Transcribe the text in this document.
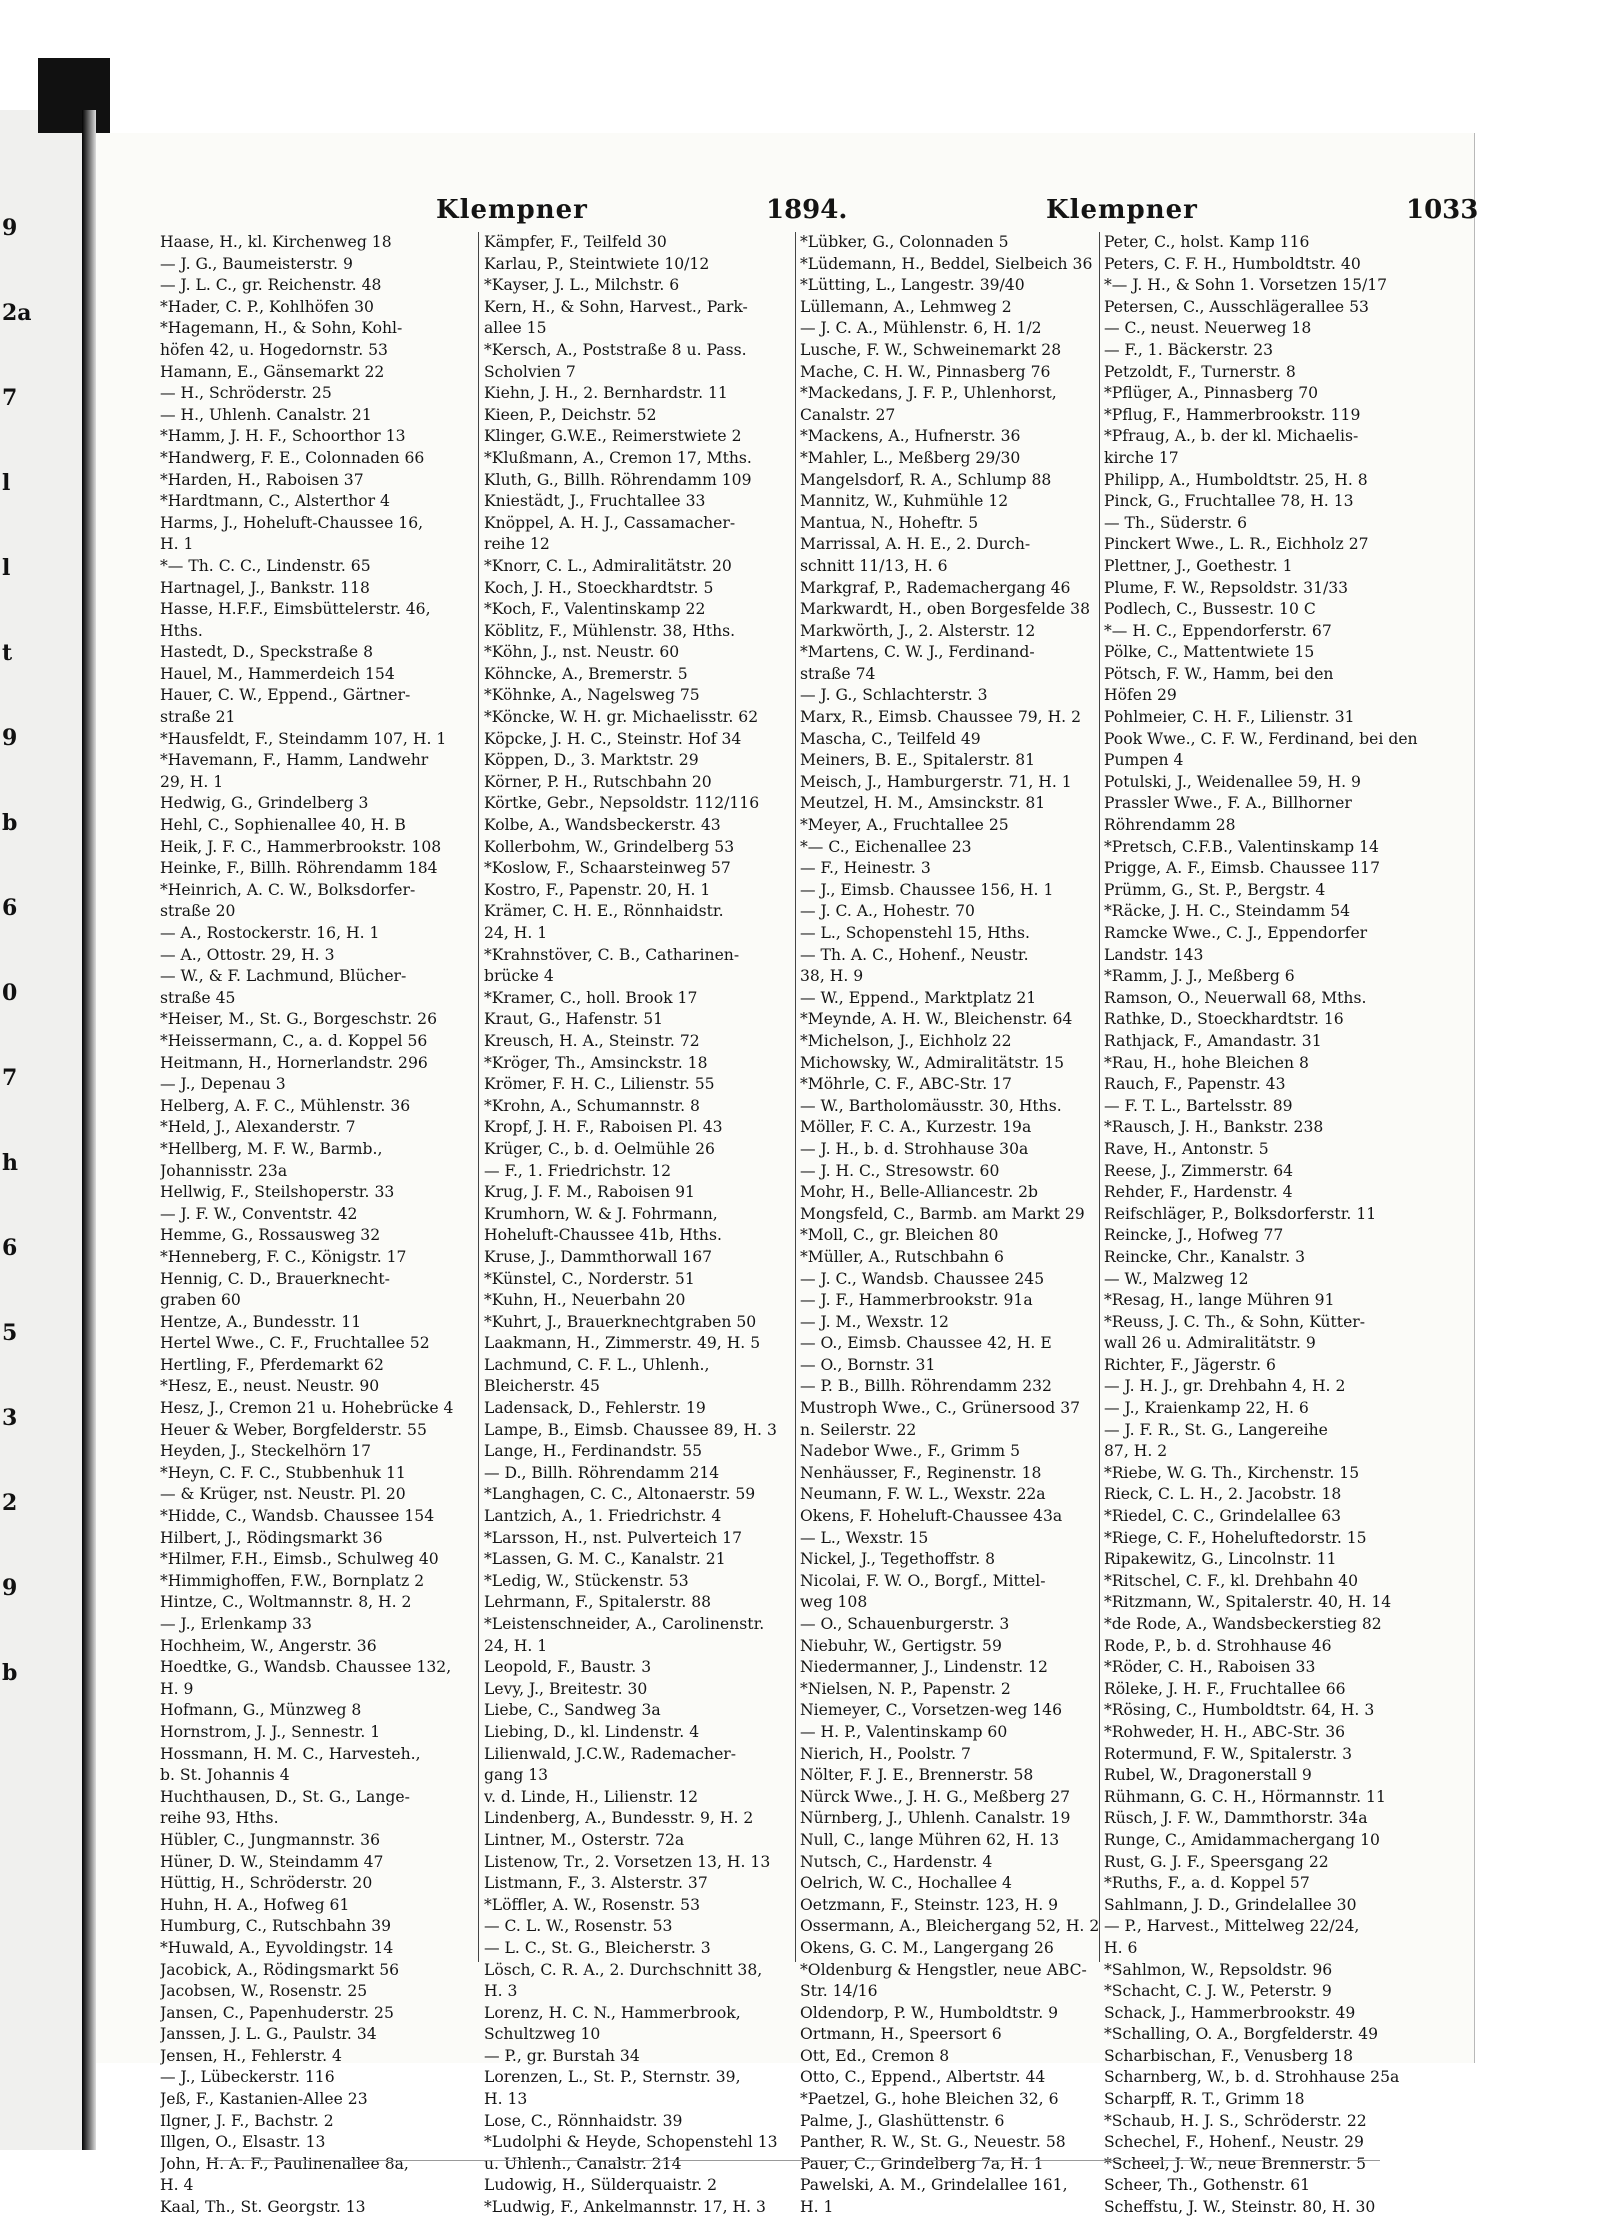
9
2a
7
l
l
t
9
b
6
0
7
h
6
5
3
2
9
b
Klempner	1894.	Klempner	1033
Haase, H., kl. Kirchenweg 18
— J. G., Baumeisterstr. 9
— J. L. C., gr. Reichenstr. 48
*Hader, C. P., Kohlhöfen 30
*Hagemann, H., & Sohn, Kohl-
höfen 42, u. Hogedornstr. 53
Hamann, E., Gänsemarkt 22
— H., Schröderstr. 25
— H., Uhlenh. Canalstr. 21
*Hamm, J. H. F., Schoorthor 13
*Handwerg, F. E., Colonnaden 66
*Harden, H., Raboisen 37
*Hardtmann, C., Alsterthor 4
Harms, J., Hoheluft-Chaussee 16,
H. 1
*— Th. C. C., Lindenstr. 65
Hartnagel, J., Bankstr. 118
Hasse, H.F.F., Eimsbüttelerstr. 46,
Hths.
Hastedt, D., Speckstraße 8
Hauel, M., Hammerdeich 154
Hauer, C. W., Eppend., Gärtner-
straße 21
*Hausfeldt, F., Steindamm 107, H. 1
*Havemann, F., Hamm, Landwehr
29, H. 1
Hedwig, G., Grindelberg 3
Hehl, C., Sophienallee 40, H. B
Heik, J. F. C., Hammerbrookstr. 108
Heinke, F., Billh. Röhrendamm 184
*Heinrich, A. C. W., Bolksdorfer-
straße 20
— A., Rostockerstr. 16, H. 1
— A., Ottostr. 29, H. 3
— W., & F. Lachmund, Blücher-
straße 45
*Heiser, M., St. G., Borgeschstr. 26
*Heissermann, C., a. d. Koppel 56
Heitmann, H., Hornerlandstr. 296
— J., Depenau 3
Helberg, A. F. C., Mühlenstr. 36
*Held, J., Alexanderstr. 7
*Hellberg, M. F. W., Barmb.,
Johannisstr. 23a
Hellwig, F., Steilshoperstr. 33
— J. F. W., Conventstr. 42
Hemme, G., Rossausweg 32
*Henneberg, F. C., Königstr. 17
Hennig, C. D., Brauerknecht-
graben 60
Hentze, A., Bundesstr. 11
Hertel Wwe., C. F., Fruchtallee 52
Hertling, F., Pferdemarkt 62
*Hesz, E., neust. Neustr. 90
Hesz, J., Cremon 21 u. Hohebrücke 4
Heuer & Weber, Borgfelderstr. 55
Heyden, J., Steckelhörn 17
*Heyn, C. F. C., Stubbenhuk 11
— & Krüger, nst. Neustr. Pl. 20
*Hidde, C., Wandsb. Chaussee 154
Hilbert, J., Rödingsmarkt 36
*Hilmer, F.H., Eimsb., Schulweg 40
*Himmighoffen, F.W., Bornplatz 2
Hintze, C., Woltmannstr. 8, H. 2
— J., Erlenkamp 33
Hochheim, W., Angerstr. 36
Hoedtke, G., Wandsb. Chaussee 132,
H. 9
Hofmann, G., Münzweg 8
Hornstrom, J. J., Sennestr. 1
Hossmann, H. M. C., Harvesteh.,
b. St. Johannis 4
Huchthausen, D., St. G., Lange-
reihe 93, Hths.
Hübler, C., Jungmannstr. 36
Hüner, D. W., Steindamm 47
Hüttig, H., Schröderstr. 20
Huhn, H. A., Hofweg 61
Humburg, C., Rutschbahn 39
*Huwald, A., Eyvoldingstr. 14
Jacobick, A., Rödingsmarkt 56
Jacobsen, W., Rosenstr. 25
Jansen, C., Papenhuderstr. 25
Janssen, J. L. G., Paulstr. 34
Jensen, H., Fehlerstr. 4
— J., Lübeckerstr. 116
Jeß, F., Kastanien-Allee 23
Ilgner, J. F., Bachstr. 2
Illgen, O., Elsastr. 13
John, H. A. F., Paulinenallee 8a,
H. 4
Kaal, Th., St. Georgstr. 13
Kämpfer, F., Teilfeld 30
Karlau, P., Steintwiete 10/12
*Kayser, J. L., Milchstr. 6
Kern, H., & Sohn, Harvest., Park-
allee 15
*Kersch, A., Poststraße 8 u. Pass.
Scholvien 7
Kiehn, J. H., 2. Bernhardstr. 11
Kieen, P., Deichstr. 52
Klinger, G.W.E., Reimerstwiete 2
*Klußmann, A., Cremon 17, Mths.
Kluth, G., Billh. Röhrendamm 109
Kniestädt, J., Fruchtallee 33
Knöppel, A. H. J., Cassamacher-
reihe 12
*Knorr, C. L., Admiralitätstr. 20
Koch, J. H., Stoeckhardtstr. 5
*Koch, F., Valentinskamp 22
Köblitz, F., Mühlenstr. 38, Hths.
*Köhn, J., nst. Neustr. 60
Köhncke, A., Bremerstr. 5
*Köhnke, A., Nagelsweg 75
*Köncke, W. H. gr. Michaelisstr. 62
Köpcke, J. H. C., Steinstr. Hof 34
Köppen, D., 3. Marktstr. 29
Körner, P. H., Rutschbahn 20
Körtke, Gebr., Nepsoldstr. 112/116
Kolbe, A., Wandsbeckerstr. 43
Kollerbohm, W., Grindelberg 53
*Koslow, F., Schaarsteinweg 57
Kostro, F., Papenstr. 20, H. 1
Krämer, C. H. E., Rönnhaidstr.
24, H. 1
*Krahnstöver, C. B., Catharinen-
brücke 4
*Kramer, C., holl. Brook 17
Kraut, G., Hafenstr. 51
Kreusch, H. A., Steinstr. 72
*Kröger, Th., Amsinckstr. 18
Krömer, F. H. C., Lilienstr. 55
*Krohn, A., Schumannstr. 8
Kropf, J. H. F., Raboisen Pl. 43
Krüger, C., b. d. Oelmühle 26
— F., 1. Friedrichstr. 12
Krug, J. F. M., Raboisen 91
Krumhorn, W. & J. Fohrmann,
Hoheluft-Chaussee 41b, Hths.
Kruse, J., Dammthorwall 167
*Künstel, C., Norderstr. 51
*Kuhn, H., Neuerbahn 20
*Kuhrt, J., Brauerknechtgraben 50
Laakmann, H., Zimmerstr. 49, H. 5
Lachmund, C. F. L., Uhlenh.,
Bleicherstr. 45
Ladensack, D., Fehlerstr. 19
Lampe, B., Eimsb. Chaussee 89, H. 3
Lange, H., Ferdinandstr. 55
— D., Billh. Röhrendamm 214
*Langhagen, C. C., Altonaerstr. 59
Lantzich, A., 1. Friedrichstr. 4
*Larsson, H., nst. Pulverteich 17
*Lassen, G. M. C., Kanalstr. 21
*Ledig, W., Stückenstr. 53
Lehrmann, F., Spitalerstr. 88
*Leistenschneider, A., Carolinenstr.
24, H. 1
Leopold, F., Baustr. 3
Levy, J., Breitestr. 30
Liebe, C., Sandweg 3a
Liebing, D., kl. Lindenstr. 4
Lilienwald, J.C.W., Rademacher-
gang 13
v. d. Linde, H., Lilienstr. 12
Lindenberg, A., Bundesstr. 9, H. 2
Lintner, M., Osterstr. 72a
Listenow, Tr., 2. Vorsetzen 13, H. 13
Listmann, F., 3. Alsterstr. 37
*Löffler, A. W., Rosenstr. 53
— C. L. W., Rosenstr. 53
— L. C., St. G., Bleicherstr. 3
Lösch, C. R. A., 2. Durchschnitt 38,
H. 3
Lorenz, H. C. N., Hammerbrook,
Schultzweg 10
— P., gr. Burstah 34
Lorenzen, L., St. P., Sternstr. 39,
H. 13
Lose, C., Rönnhaidstr. 39
*Ludolphi & Heyde, Schopenstehl 13
u. Uhlenh., Canalstr. 214
Ludowig, H., Sülderquaistr. 2
*Ludwig, F., Ankelmannstr. 17, H. 3
*Lübker, G., Colonnaden 5
*Lüdemann, H., Beddel, Sielbeich 36
*Lütting, L., Langestr. 39/40
Lüllemann, A., Lehmweg 2
— J. C. A., Mühlenstr. 6, H. 1/2
Lusche, F. W., Schweinemarkt 28
Mache, C. H. W., Pinnasberg 76
*Mackedans, J. F. P., Uhlenhorst,
Canalstr. 27
*Mackens, A., Hufnerstr. 36
*Mahler, L., Meßberg 29/30
Mangelsdorf, R. A., Schlump 88
Mannitz, W., Kuhmühle 12
Mantua, N., Hoheftr. 5
Marrissal, A. H. E., 2. Durch-
schnitt 11/13, H. 6
Markgraf, P., Rademachergang 46
Markwardt, H., oben Borgesfelde 38
Markwörth, J., 2. Alsterstr. 12
*Martens, C. W. J., Ferdinand-
straße 74
— J. G., Schlachterstr. 3
Marx, R., Eimsb. Chaussee 79, H. 2
Mascha, C., Teilfeld 49
Meiners, B. E., Spitalerstr. 81
Meisch, J., Hamburgerstr. 71, H. 1
Meutzel, H. M., Amsinckstr. 81
*Meyer, A., Fruchtallee 25
*— C., Eichenallee 23
— F., Heinestr. 3
— J., Eimsb. Chaussee 156, H. 1
— J. C. A., Hohestr. 70
— L., Schopenstehl 15, Hths.
— Th. A. C., Hohenf., Neustr.
38, H. 9
— W., Eppend., Marktplatz 21
*Meynde, A. H. W., Bleichenstr. 64
*Michelson, J., Eichholz 22
Michowsky, W., Admiralitätstr. 15
*Möhrle, C. F., ABC-Str. 17
— W., Bartholomäusstr. 30, Hths.
Möller, F. C. A., Kurzestr. 19a
— J. H., b. d. Strohhause 30a
— J. H. C., Stresowstr. 60
Mohr, H., Belle-Alliancestr. 2b
Mongsfeld, C., Barmb. am Markt 29
*Moll, C., gr. Bleichen 80
*Müller, A., Rutschbahn 6
— J. C., Wandsb. Chaussee 245
— J. F., Hammerbrookstr. 91a
— J. M., Wexstr. 12
— O., Eimsb. Chaussee 42, H. E
— O., Bornstr. 31
— P. B., Billh. Röhrendamm 232
Mustroph Wwe., C., Grünersood 37
n. Seilerstr. 22
Nadebor Wwe., F., Grimm 5
Nenhäusser, F., Reginenstr. 18
Neumann, F. W. L., Wexstr. 22a
Okens, F. Hoheluft-Chaussee 43a
— L., Wexstr. 15
Nickel, J., Tegethoffstr. 8
Nicolai, F. W. O., Borgf., Mittel-
weg 108
— O., Schauenburgerstr. 3
Niebuhr, W., Gertigstr. 59
Niedermanner, J., Lindenstr. 12
*Nielsen, N. P., Papenstr. 2
Niemeyer, C., Vorsetzen-weg 146
— H. P., Valentinskamp 60
Nierich, H., Poolstr. 7
Nölter, F. J. E., Brennerstr. 58
Nürck Wwe., J. H. G., Meßberg 27
Nürnberg, J., Uhlenh. Canalstr. 19
Null, C., lange Mühren 62, H. 13
Nutsch, C., Hardenstr. 4
Oelrich, W. C., Hochallee 4
Oetzmann, F., Steinstr. 123, H. 9
Ossermann, A., Bleichergang 52, H. 2
Okens, G. C. M., Langergang 26
*Oldenburg & Hengstler, neue ABC-
Str. 14/16
Oldendorp, P. W., Humboldtstr. 9
Ortmann, H., Speersort 6
Ott, Ed., Cremon 8
Otto, C., Eppend., Albertstr. 44
*Paetzel, G., hohe Bleichen 32, 6
Palme, J., Glashüttenstr. 6
Panther, R. W., St. G., Neuestr. 58
Pauer, C., Grindelberg 7a, H. 1
Pawelski, A. M., Grindelallee 161,
H. 1
Peter, C., holst. Kamp 116
Peters, C. F. H., Humboldtstr. 40
*— J. H., & Sohn 1. Vorsetzen 15/17
Petersen, C., Ausschlägerallee 53
— C., neust. Neuerweg 18
— F., 1. Bäckerstr. 23
Petzoldt, F., Turnerstr. 8
*Pflüger, A., Pinnasberg 70
*Pflug, F., Hammerbrookstr. 119
*Pfraug, A., b. der kl. Michaelis-
kirche 17
Philipp, A., Humboldtstr. 25, H. 8
Pinck, G., Fruchtallee 78, H. 13
— Th., Süderstr. 6
Pinckert Wwe., L. R., Eichholz 27
Plettner, J., Goethestr. 1
Plume, F. W., Repsoldstr. 31/33
Podlech, C., Bussestr. 10 C
*— H. C., Eppendorferstr. 67
Pölke, C., Mattentwiete 15
Pötsch, F. W., Hamm, bei den
Höfen 29
Pohlmeier, C. H. F., Lilienstr. 31
Pook Wwe., C. F. W., Ferdinand, bei den
Pumpen 4
Potulski, J., Weidenallee 59, H. 9
Prassler Wwe., F. A., Billhorner
Röhrendamm 28
*Pretsch, C.F.B., Valentinskamp 14
Prigge, A. F., Eimsb. Chaussee 117
Prümm, G., St. P., Bergstr. 4
*Räcke, J. H. C., Steindamm 54
Ramcke Wwe., C. J., Eppendorfer
Landstr. 143
*Ramm, J. J., Meßberg 6
Ramson, O., Neuerwall 68, Mths.
Rathke, D., Stoeckhardtstr. 16
Rathjack, F., Amandastr. 31
*Rau, H., hohe Bleichen 8
Rauch, F., Papenstr. 43
— F. T. L., Bartelsstr. 89
*Rausch, J. H., Bankstr. 238
Rave, H., Antonstr. 5
Reese, J., Zimmerstr. 64
Rehder, F., Hardenstr. 4
Reifschläger, P., Bolksdorferstr. 11
Reincke, J., Hofweg 77
Reincke, Chr., Kanalstr. 3
— W., Malzweg 12
*Resag, H., lange Mühren 91
*Reuss, J. C. Th., & Sohn, Kütter-
wall 26 u. Admiralitätstr. 9
Richter, F., Jägerstr. 6
— J. H. J., gr. Drehbahn 4, H. 2
— J., Kraienkamp 22, H. 6
— J. F. R., St. G., Langereihe
87, H. 2
*Riebe, W. G. Th., Kirchenstr. 15
Rieck, C. L. H., 2. Jacobstr. 18
*Riedel, C. C., Grindelallee 63
*Riege, C. F., Hoheluftedorstr. 15
Ripakewitz, G., Lincolnstr. 11
*Ritschel, C. F., kl. Drehbahn 40
*Ritzmann, W., Spitalerstr. 40, H. 14
*de Rode, A., Wandsbeckerstieg 82
Rode, P., b. d. Strohhause 46
*Röder, C. H., Raboisen 33
Röleke, J. H. F., Fruchtallee 66
*Rösing, C., Humboldtstr. 64, H. 3
*Rohweder, H. H., ABC-Str. 36
Rotermund, F. W., Spitalerstr. 3
Rubel, W., Dragonerstall 9
Rühmann, G. C. H., Hörmannstr. 11
Rüsch, J. F. W., Dammthorstr. 34a
Runge, C., Amidammachergang 10
Rust, G. J. F., Speersgang 22
*Ruths, F., a. d. Koppel 57
Sahlmann, J. D., Grindelallee 30
— P., Harvest., Mittelweg 22/24,
H. 6
*Sahlmon, W., Repsoldstr. 96
*Schacht, C. J. W., Peterstr. 9
Schack, J., Hammerbrookstr. 49
*Schalling, O. A., Borgfelderstr. 49
Scharbischan, F., Venusberg 18
Scharnberg, W., b. d. Strohhause 25a
Scharpff, R. T., Grimm 18
*Schaub, H. J. S., Schröderstr. 22
Schechel, F., Hohenf., Neustr. 29
*Scheel, J. W., neue Brennerstr. 5
Scheer, Th., Gothenstr. 61
Scheffstu, J. W., Steinstr. 80, H. 30
